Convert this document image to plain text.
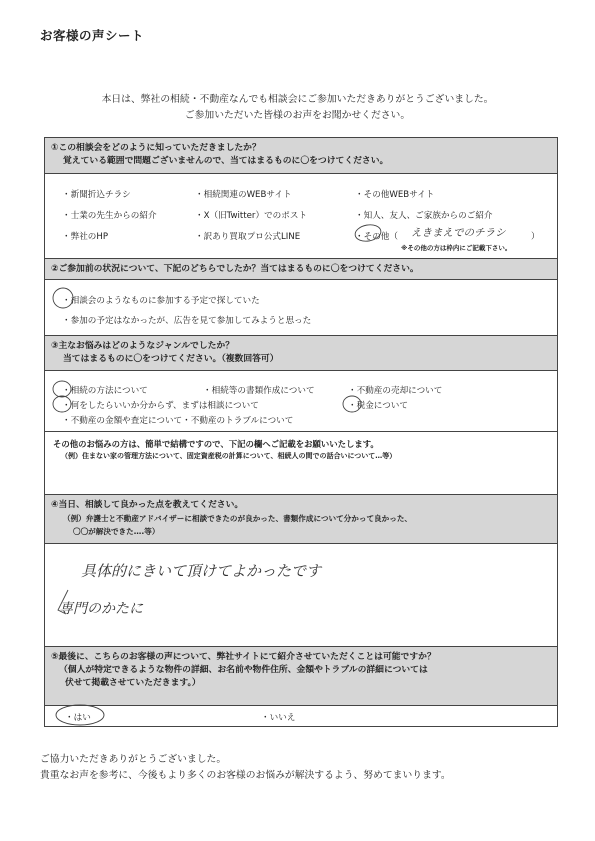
お客様の声シート
本日は、弊社の相続・不動産なんでも相談会にご参加いただきありがとうございました。
ご参加いただいた皆様のお声をお聞かせください。
①この相談会をどのように知っていただきましたか？
覚えている範囲で問題ございませんので、当てはまるものに〇をつけてください。
・新聞折込チラシ	・相続関連のWEBサイト	・その他WEBサイト
・士業の先生からの紹介	・X（旧Twitter）でのポスト	・知人、友人、ご家族からのご紹介
・弊社のHP	・訳あり買取プロ公式LINE	・その他（ えきまえでのチラシ	）
※その他の方は枠内にご記載下さい。
②ご参加前の状況について、下記のどちらでしたか？当てはまるものに〇をつけてください。
・相談会のようなものに参加する予定で探していた
・参加の予定はなかったが、広告を見て参加してみようと思った
③主なお悩みはどのようなジャンルでしたか？
当てはまるものに〇をつけてください。（複数回答可）
・相続の方法について	・相続等の書類作成について	・不動産の売却について
・何をしたらいいか分からず、まずは相談について	・税金について
・不動産の金額や査定について・不動産のトラブルについて
その他のお悩みの方は、簡単で結構ですので、下記の欄へご記載をお願いいたします。
（例）住まない家の管理方法について、固定資産税の計算について、相続人の間での話合いについて…等）
④当日、相談して良かった点を教えてください。
（例）弁護士と不動産アドバイザーに相談できたのが良かった、書類作成について分かって良かった、
〇〇が解決できた….等）
具体的にきいて頂けてよかったです
専門のかたに
⑤最後に、こちらのお客様の声について、弊社サイトにて紹介させていただくことは可能ですか？
（個人が特定できるような物件の詳細、お名前や物件住所、金額やトラブルの詳細については
伏せて掲載させていただきます。）
・はい	・いいえ
ご協力いただきありがとうございました。
貴重なお声を参考に、今後もより多くのお客様のお悩みが解決するよう、努めてまいります。
